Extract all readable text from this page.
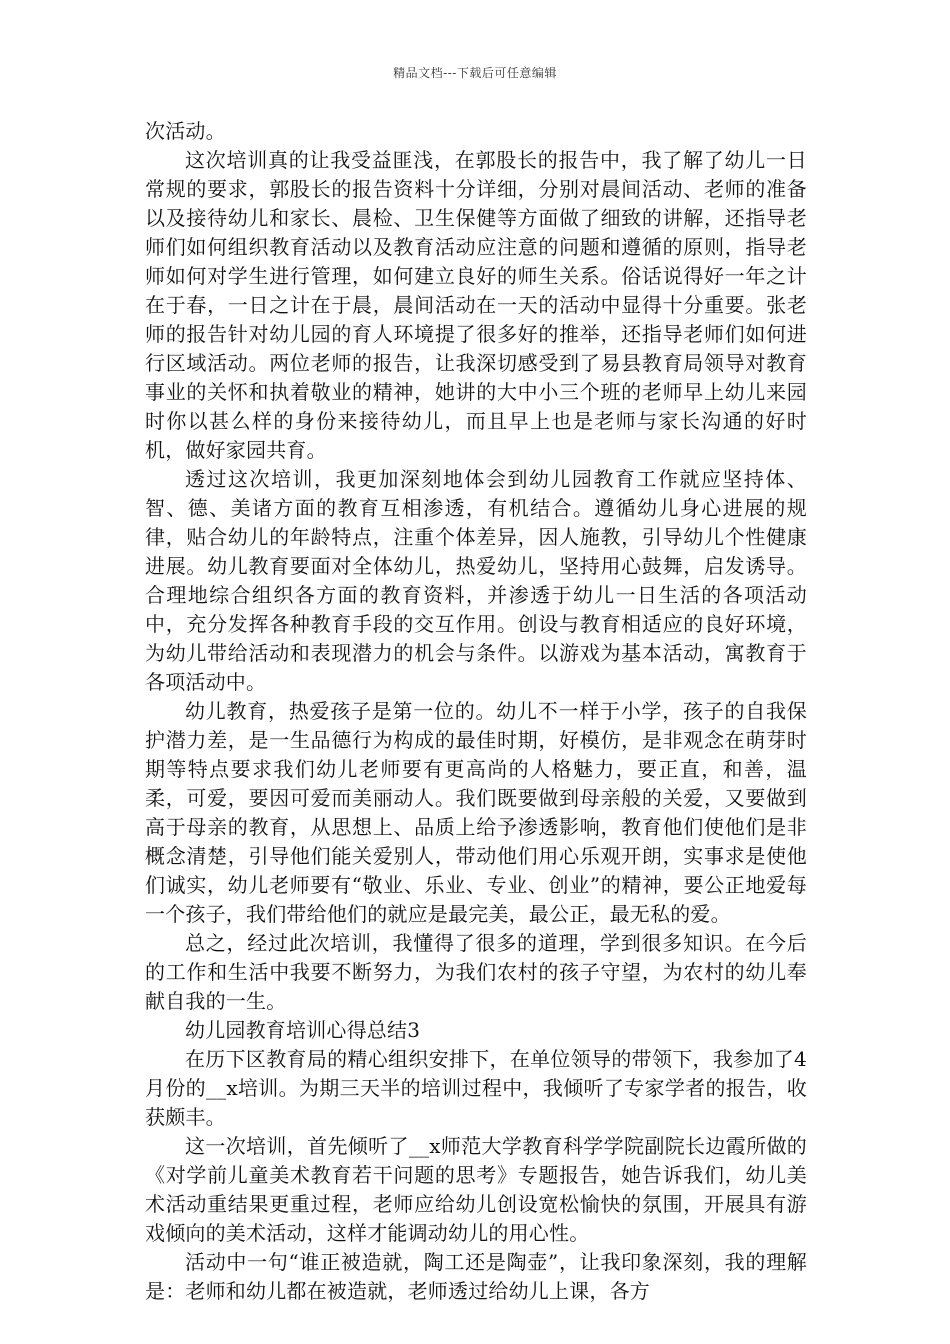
精品文档---下载后可任意编辑

次活动。

这次培训真的让我受益匪浅，在郭股长的报告中，我了解了幼儿一日常规的要求，郭股长的报告资料十分详细，分别对晨间活动、老师的准备以及接待幼儿和家长、晨检、卫生保健等方面做了细致的讲解，还指导老师们如何组织教育活动以及教育活动应注意的问题和遵循的原则，指导老师如何对学生进行管理，如何建立良好的师生关系。俗话说得好一年之计在于春，一日之计在于晨，晨间活动在一天的活动中显得十分重要。张老师的报告针对幼儿园的育人环境提了很多好的推举，还指导老师们如何进行区域活动。两位老师的报告，让我深切感受到了易县教育局领导对教育事业的关怀和执着敬业的精神，她讲的大中小三个班的老师早上幼儿来园时你以甚么样的身份来接待幼儿，而且早上也是老师与家长沟通的好时机，做好家园共育。

透过这次培训，我更加深刻地体会到幼儿园教育工作就应坚持体、智、德、美诸方面的教育互相渗透，有机结合。遵循幼儿身心进展的规律，贴合幼儿的年龄特点，注重个体差异，因人施教，引导幼儿个性健康进展。幼儿教育要面对全体幼儿，热爱幼儿，坚持用心鼓舞，启发诱导。合理地综合组织各方面的教育资料，并渗透于幼儿一日生活的各项活动中，充分发挥各种教育手段的交互作用。创设与教育相适应的良好环境，为幼儿带给活动和表现潜力的机会与条件。以游戏为基本活动，寓教育于各项活动中。

幼儿教育，热爱孩子是第一位的。幼儿不一样于小学，孩子的自我保护潜力差，是一生品德行为构成的最佳时期，好模仿，是非观念在萌芽时期等特点要求我们幼儿老师要有更高尚的人格魅力，要正直，和善，温柔，可爱，要因可爱而美丽动人。我们既要做到母亲般的关爱，又要做到高于母亲的教育，从思想上、品质上给予渗透影响，教育他们使他们是非概念清楚，引导他们能关爱别人，带动他们用心乐观开朗，实事求是使他们诚实，幼儿老师要有“敬业、乐业、专业、创业”的精神，要公正地爱每一个孩子，我们带给他们的就应是最完美，最公正，最无私的爱。

总之，经过此次培训，我懂得了很多的道理，学到很多知识。在今后的工作和生活中我要不断努力，为我们农村的孩子守望，为农村的幼儿奉献自我的一生。

幼儿园教育培训心得总结3

在历下区教育局的精心组织安排下，在单位领导的带领下，我参加了4月份的__x培训。为期三天半的培训过程中，我倾听了专家学者的报告，收获颇丰。

这一次培训，首先倾听了__x师范大学教育科学学院副院长边霞所做的《对学前儿童美术教育若干问题的思考》专题报告，她告诉我们，幼儿美术活动重结果更重过程，老师应给幼儿创设宽松愉快的氛围，开展具有游戏倾向的美术活动，这样才能调动幼儿的用心性。

活动中一句“谁正被造就，陶工还是陶壶”，让我印象深刻，我的理解是：老师和幼儿都在被造就，老师透过给幼儿上课，各方
